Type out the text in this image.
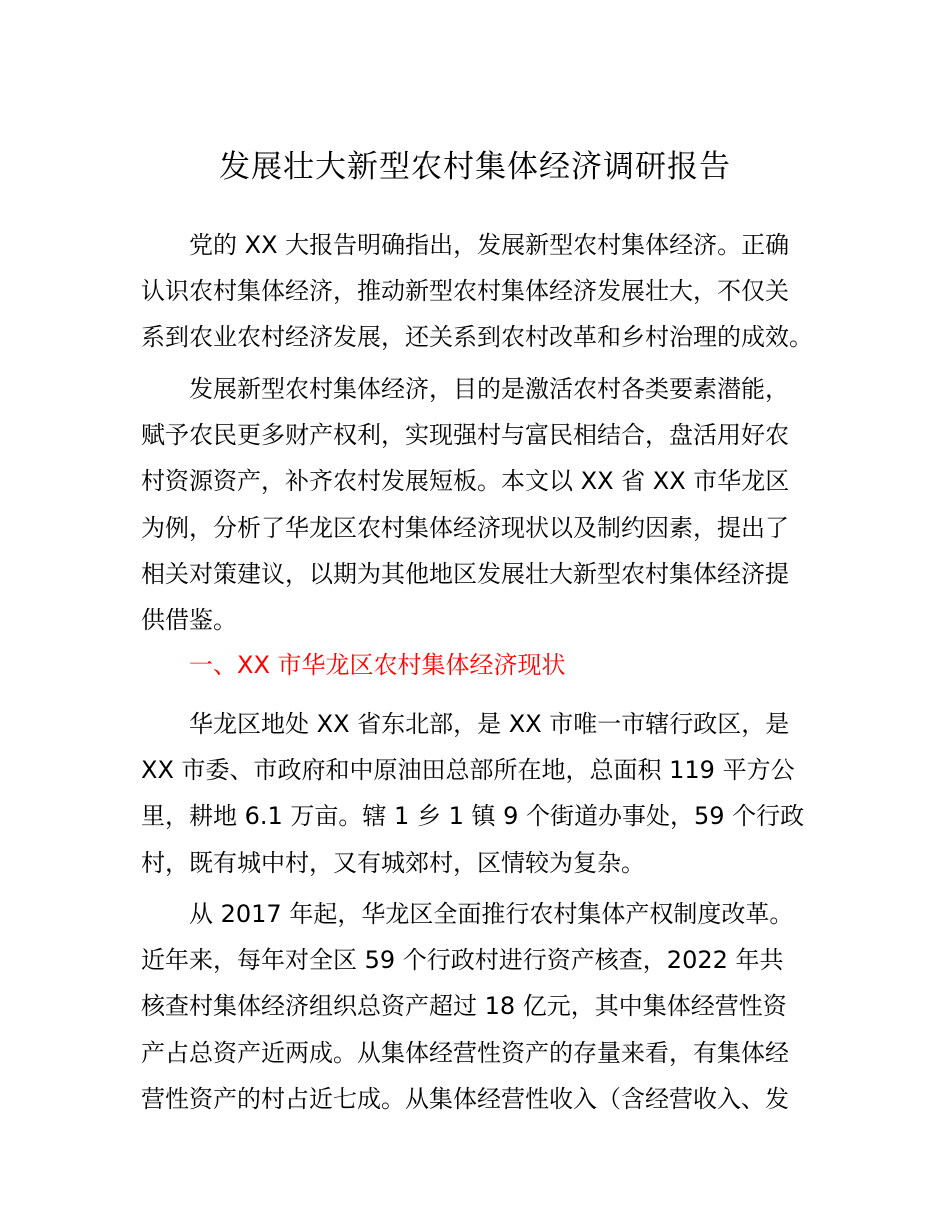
发展壮大新型农村集体经济调研报告
党的 XX 大报告明确指出，发展新型农村集体经济。正确
认识农村集体经济，推动新型农村集体经济发展壮大，不仅关
系到农业农村经济发展，还关系到农村改革和乡村治理的成效。
发展新型农村集体经济，目的是激活农村各类要素潜能，
赋予农民更多财产权利，实现强村与富民相结合，盘活用好农
村资源资产，补齐农村发展短板。本文以 XX 省 XX 市华龙区
为例，分析了华龙区农村集体经济现状以及制约因素，提出了
相关对策建议，以期为其他地区发展壮大新型农村集体经济提
供借鉴。
一、XX 市华龙区农村集体经济现状
华龙区地处 XX 省东北部，是 XX 市唯一市辖行政区，是
XX 市委、市政府和中原油田总部所在地，总面积 119 平方公
里，耕地 6.1 万亩。辖 1 乡 1 镇 9 个街道办事处，59 个行政
村，既有城中村，又有城郊村，区情较为复杂。
从 2017 年起，华龙区全面推行农村集体产权制度改革。
近年来，每年对全区 59 个行政村进行资产核查，2022 年共
核查村集体经济组织总资产超过 18 亿元，其中集体经营性资
产占总资产近两成。从集体经营性资产的存量来看，有集体经
营性资产的村占近七成。从集体经营性收入（含经营收入、发
